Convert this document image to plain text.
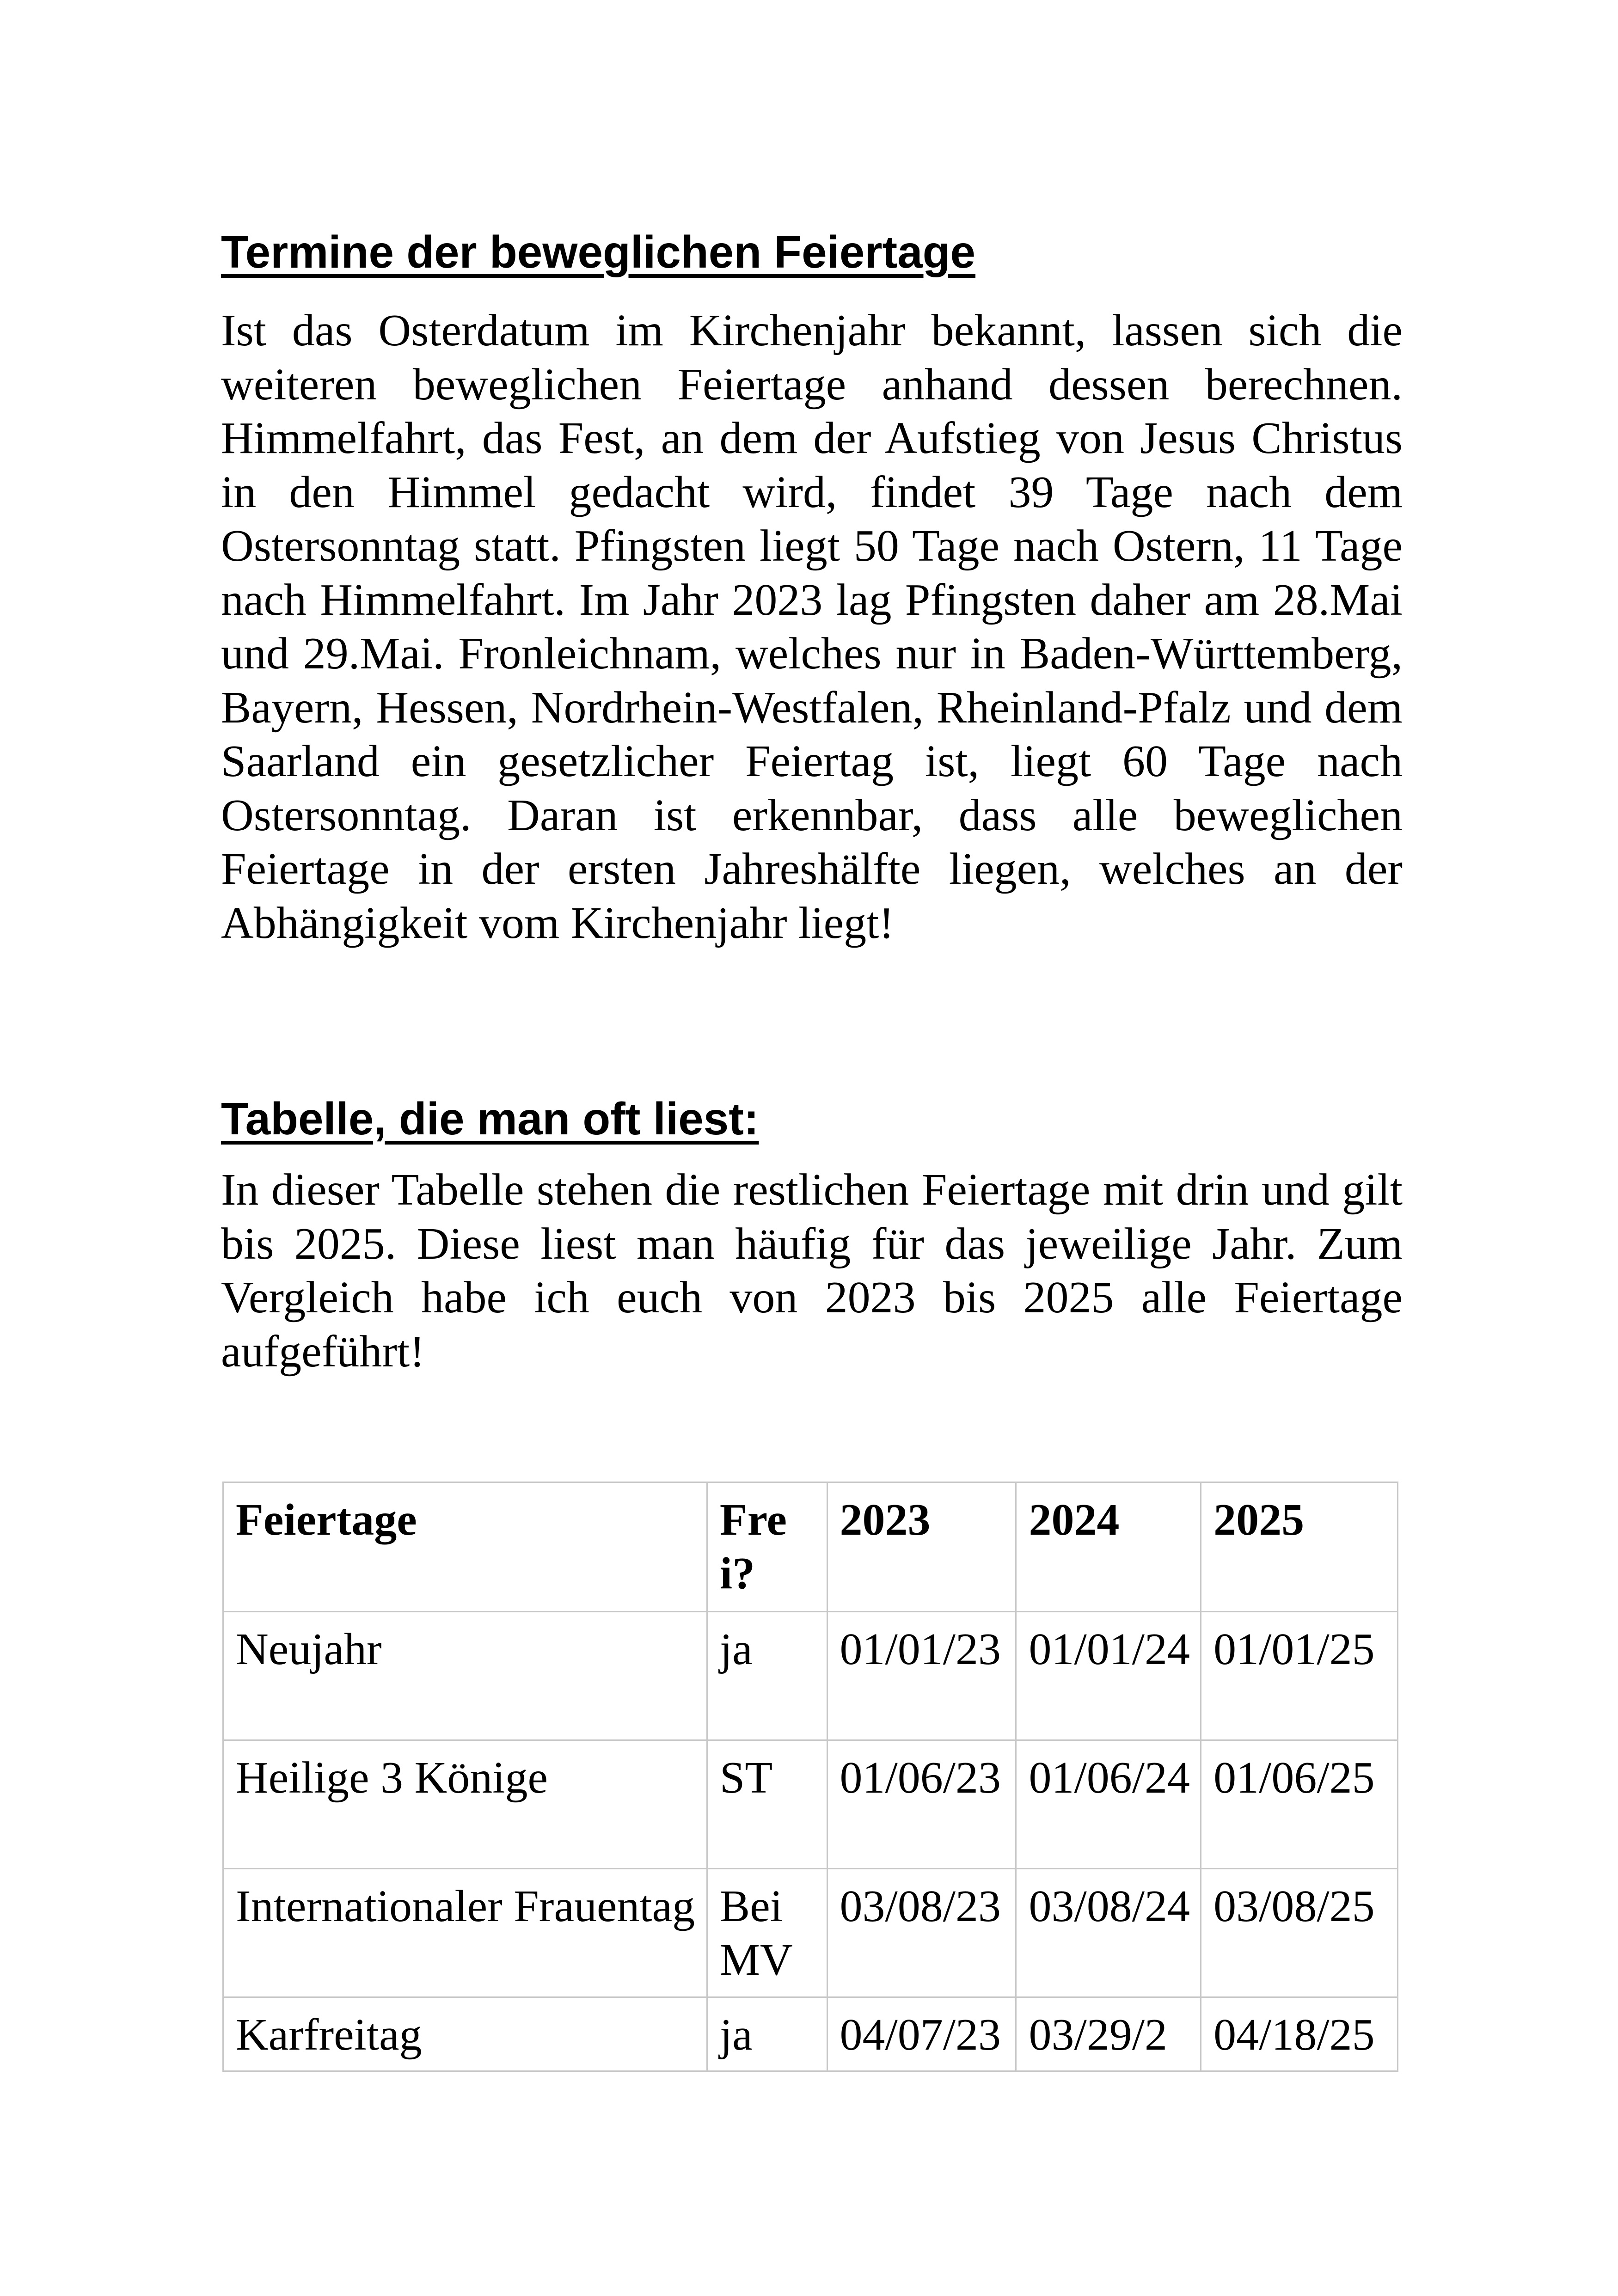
Termine der beweglichen Feiertage

Ist das Osterdatum im Kirchenjahr bekannt, lassen sich die weiteren beweglichen Feiertage anhand dessen berechnen. Himmelfahrt, das Fest, an dem der Aufstieg von Jesus Christus in den Himmel gedacht wird, findet 39 Tage nach dem Ostersonntag statt. Pfingsten liegt 50 Tage nach Ostern, 11 Tage nach Himmelfahrt. Im Jahr 2023 lag Pfingsten daher am 28.Mai und 29.Mai. Fronleichnam, welches nur in Baden-Württemberg, Bayern, Hessen, Nordrhein-Westfalen, Rheinland-Pfalz und dem Saarland ein gesetzlicher Feiertag ist, liegt 60 Tage nach Ostersonntag. Daran ist erkennbar, dass alle beweglichen Feiertage in der ersten Jahreshälfte liegen, welches an der Abhängigkeit vom Kirchenjahr liegt!

Tabelle, die man oft liest:

In dieser Tabelle stehen die restlichen Feiertage mit drin und gilt bis 2025. Diese liest man häufig für das jeweilige Jahr. Zum Vergleich habe ich euch von 2023 bis 2025 alle Feiertage aufgeführt!

Feiertage	Frei?	2023	2024	2025
Neujahr	ja	01/01/23	01/01/24	01/01/25
Heilige 3 Könige	ST	01/06/23	01/06/24	01/06/25
Internationaler Frauentag	Bei MV	03/08/23	03/08/24	03/08/25
Karfreitag	ja	04/07/23	03/29/2	04/18/25
